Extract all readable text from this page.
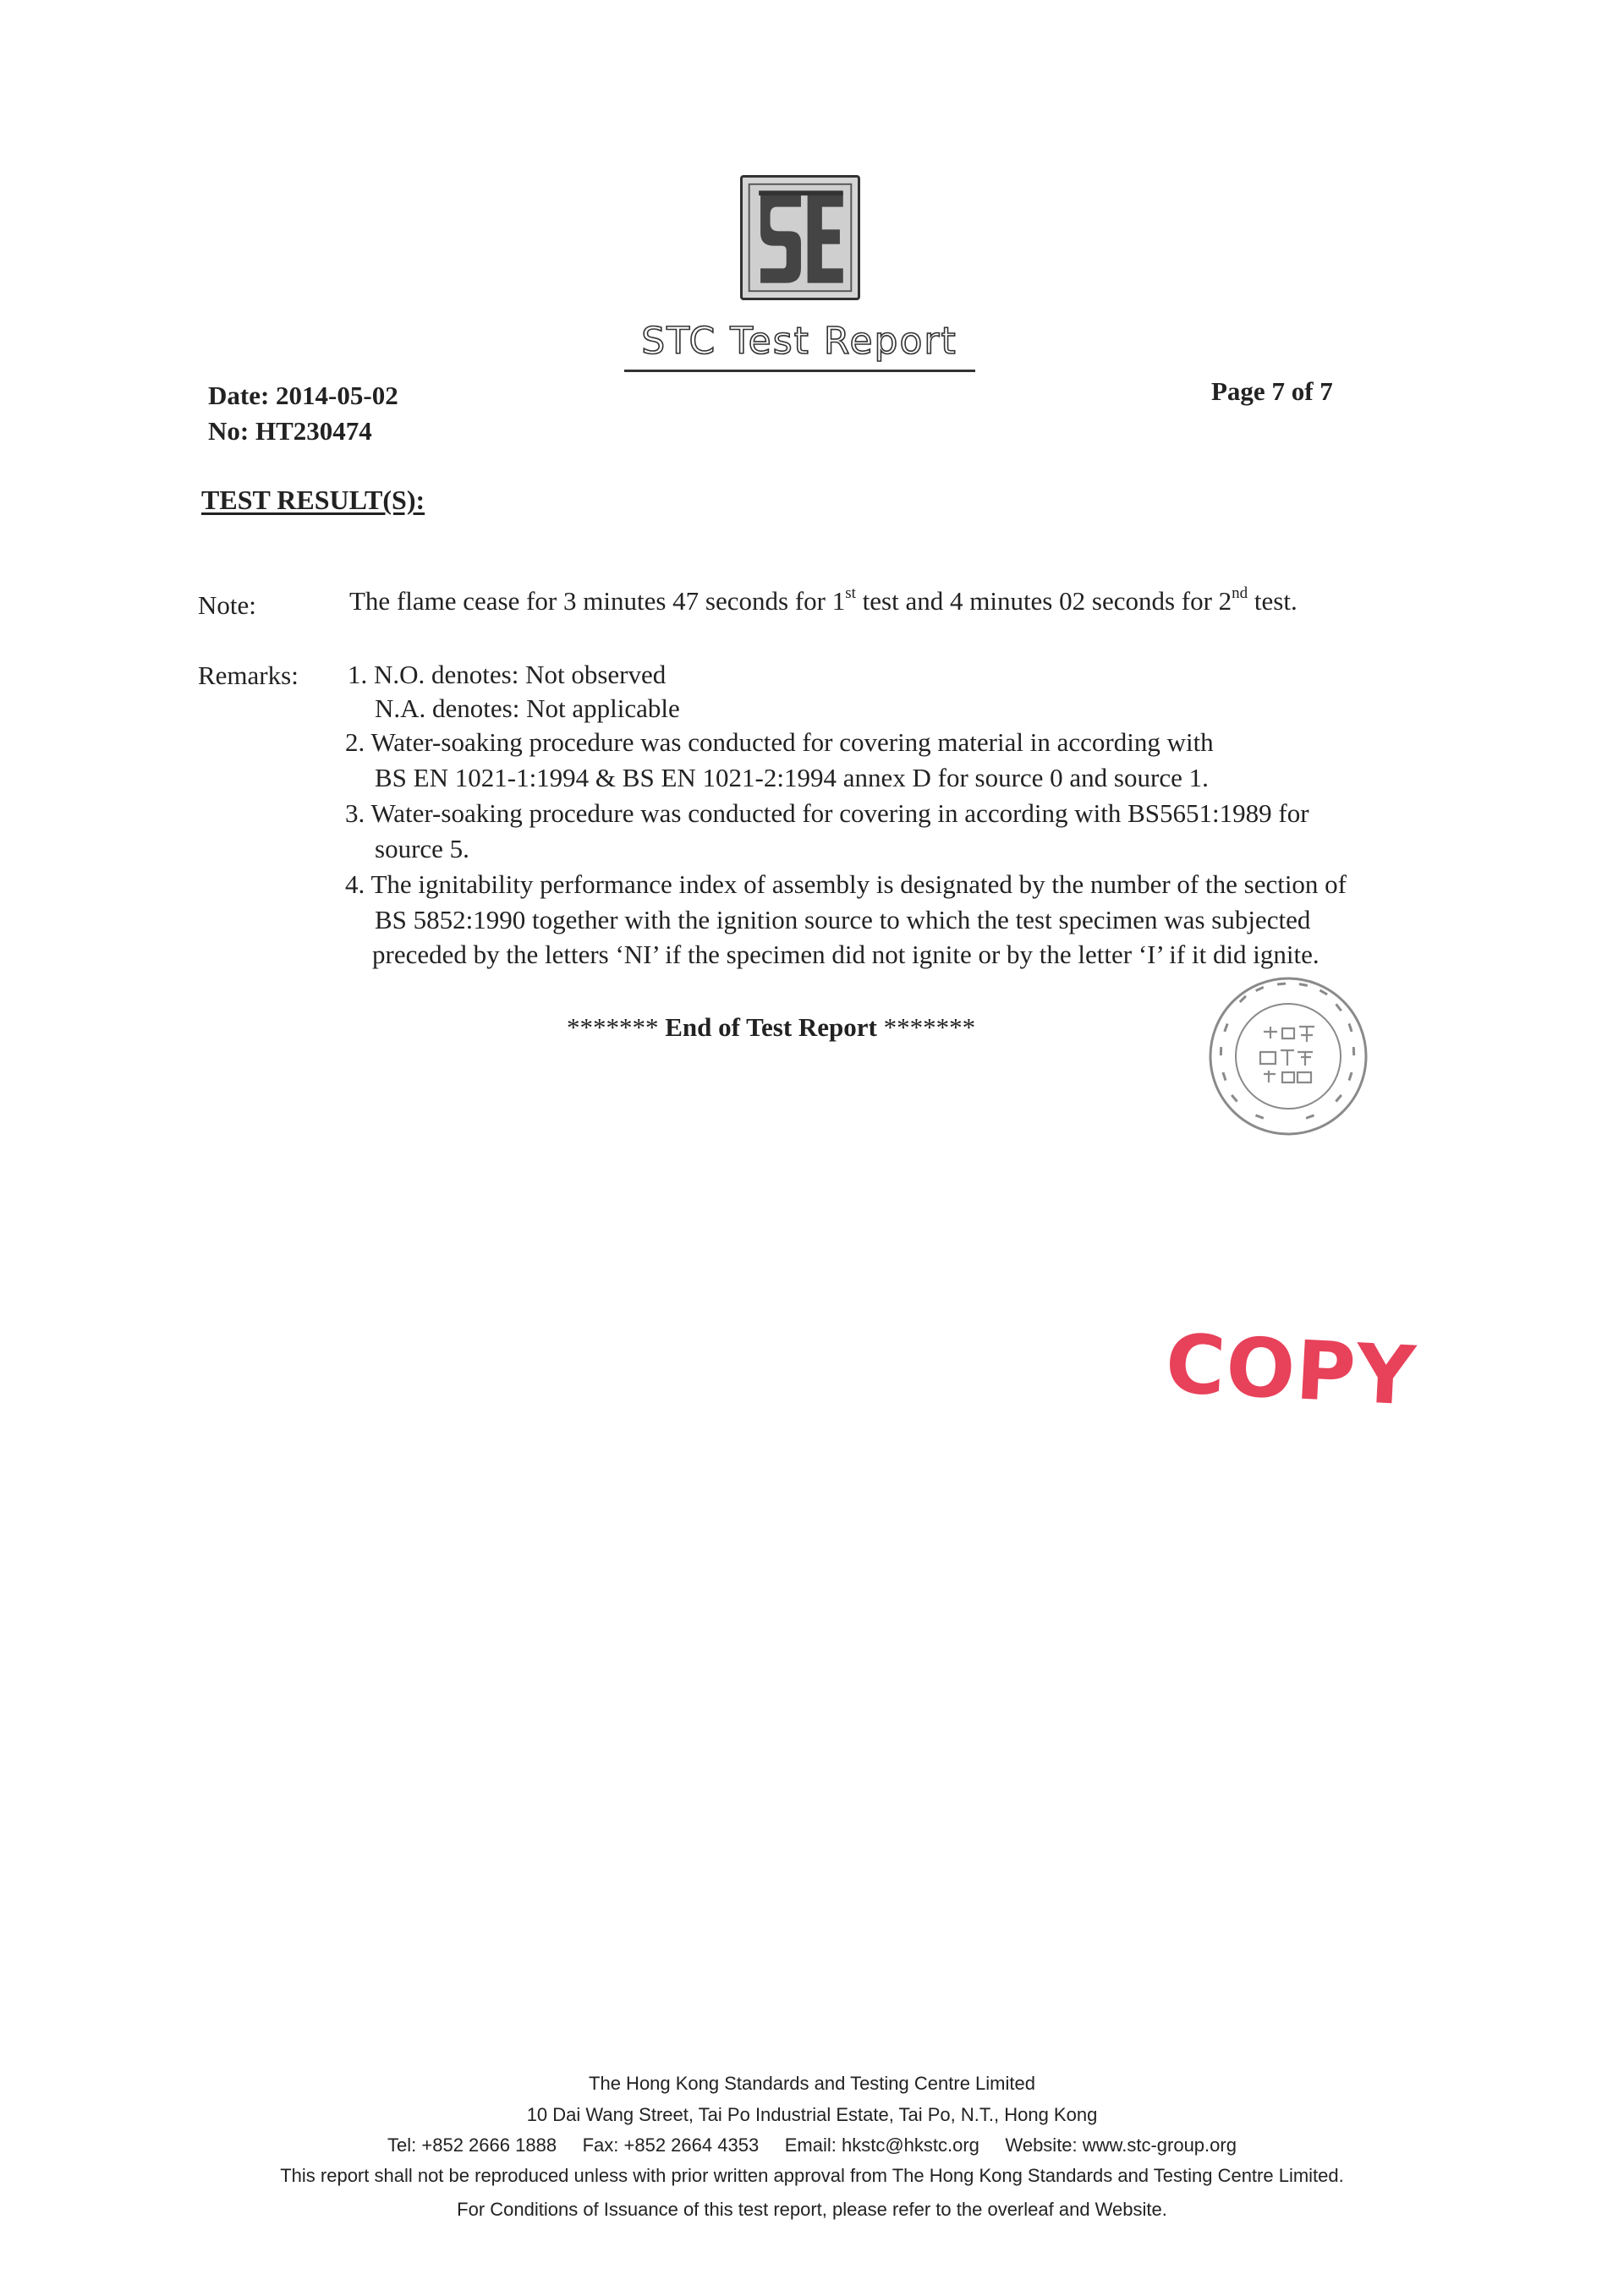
STC Test Report
Date: 2014-05-02
No: HT230474
Page 7 of 7
TEST RESULT(S):
Note:	The flame cease for 3 minutes 47 seconds for 1st test and 4 minutes 02 seconds for 2nd test.
Remarks: 1. N.O. denotes: Not observed
N.A. denotes: Not applicable
2. Water-soaking procedure was conducted for covering material in according with
BS EN 1021-1:1994 & BS EN 1021-2:1994 annex D for source 0 and source 1.
3. Water-soaking procedure was conducted for covering in according with BS5651:1989 for
source 5.
4. The ignitability performance index of assembly is designated by the number of the section of
BS 5852:1990 together with the ignition source to which the test specimen was subjected
preceded by the letters ‘NI’ if the specimen did not ignite or by the letter ‘I’ if it did ignite.
******* End of Test Report *******
COPY
The Hong Kong Standards and Testing Centre Limited
10 Dai Wang Street, Tai Po Industrial Estate, Tai Po, N.T., Hong Kong
Tel: +852 2666 1888     Fax: +852 2664 4353     Email: hkstc@hkstc.org     Website: www.stc-group.org
This report shall not be reproduced unless with prior written approval from The Hong Kong Standards and Testing Centre Limited.
For Conditions of Issuance of this test report, please refer to the overleaf and Website.
